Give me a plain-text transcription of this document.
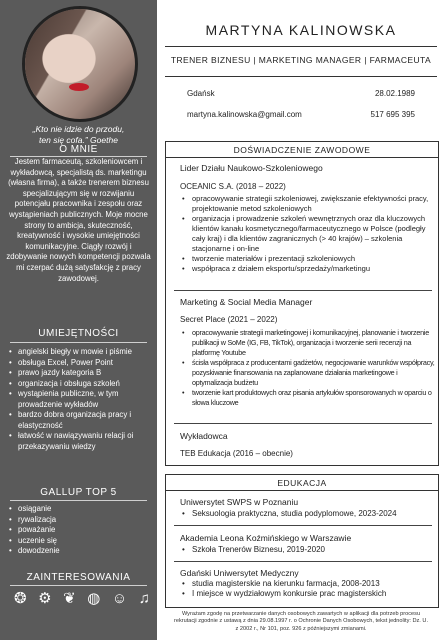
„Kto nie idzie do przodu,
ten się cofa.” Goethe
O MNIE
Jestem farmaceutą, szkoleniowcem i wykładowcą, specjalistą ds. marketingu (własna firma), a także trenerem biznesu specjalizującym się w rozwijaniu potencjału pracownika i zespołu oraz wystąpieniach publicznych. Moje mocne strony to ambicja, skuteczność, kreatywność i wysokie umiejętności komunikacyjne. Ciągły rozwój i zdobywanie nowych kompetencji pozwala mi czerpać dużą satysfakcję z pracy zawodowej.
UMIEJĘTNOŚCI
• angielski biegły w mowie i piśmie
• obsługa Excel, Power Point
• prawo jazdy kategoria B
• organizacja i obsługa szkoleń
• wystąpienia publiczne, w tym prowadzenie wykładów
• bardzo dobra organizacja pracy i elastyczność
• łatwość w nawiązywaniu relacji oi przekazywaniu wiedzy
GALLUP TOP 5
• osiąganie
• rywalizacja
• poważanie
• uczenie się
• dowodzenie
ZAINTERESOWANIA
❂ ⚙ ❦ ◍ ☺ ♫
MARTYNA KALINOWSKA
TRENER BIZNESU | MARKETING MANAGER | FARMACEUTA
Gdańsk	28.02.1989
martyna.kalinowska@gmail.com	517 695 395
DOŚWIADCZENIE ZAWODOWE
Lider Działu Naukowo-Szkoleniowego
OCEANIC S.A. (2018 – 2022)
• opracowywanie strategii szkoleniowej, zwiększanie efektywności pracy, projektowanie metod szkoleniowych
• organizacja i prowadzenie szkoleń wewnętrznych oraz dla kluczowych klientów kanału kosmetycznego/farmaceutycznego w Polsce (podległy cały kraj) i dla klientów zagranicznych (> 40 krajów) – szkolenia stacjonarne i on-line
• tworzenie materiałów i prezentacji szkoleniowych
• współpraca z działem eksportu/sprzedaży/marketingu
Marketing & Social Media Manager
Secret Place (2021 – 2022)
• opracowywanie strategii marketingowej i komunikacyjnej, planowanie i tworzenie publikacji w SoMe (IG, FB, TikTok), organizacja i tworzenie serii recenzji na platformę Youtube
• ścisła współpraca z producentami gadżetów, negocjowanie warunków współpracy, pozyskiwanie finansowania na zaplanowane działania marketingowe i optymalizacja budżetu
• tworzenie kart produktowych oraz pisania artykułów sponsorowanych w oparciu o słowa kluczowe
Wykładowca
TEB Edukacja (2016 – obecnie)
EDUKACJA
Uniwersytet SWPS w Poznaniu
• Seksuologia praktyczna, studia podyplomowe, 2023-2024
Akademia Leona Koźmińskiego w Warszawie
• Szkoła Trenerów Biznesu, 2019-2020
Gdański Uniwersytet Medyczny
• studia magisterskie na kierunku farmacja, 2008-2013
• I miejsce w wydziałowym konkursie prac magisterskich
Wyrażam zgodę na przetwarzanie danych osobowych zawartych w aplikacji dla potrzeb procesu
rekrutacji zgodnie z ustawą z dnia 29.08.1997 r. o Ochronie Danych Osobowych, tekst jednolity: Dz. U.
z 2002 r., Nr 101, poz. 926 z późniejszymi zmianami.
